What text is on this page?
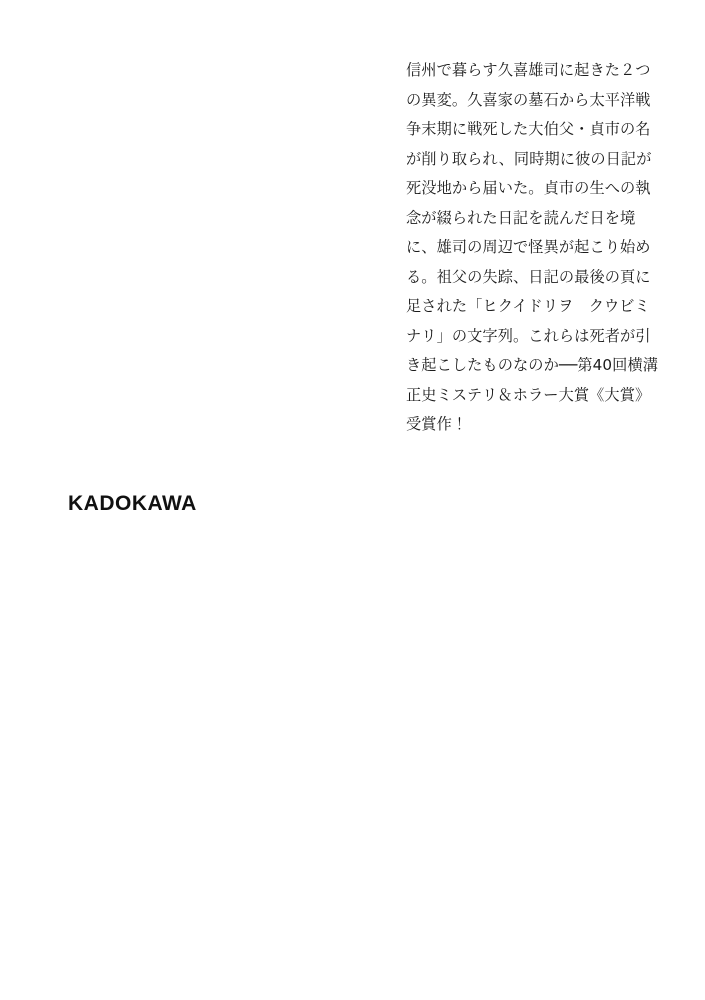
信州で暮らす久喜雄司に起きた２つの異変。久喜家の墓石から太平洋戦争末期に戦死した大伯父・貞市の名が削り取られ、同時期に彼の日記が死没地から届いた。貞市の生への執念が綴られた日記を読んだ日を境に、雄司の周辺で怪異が起こり始める。祖父の失踪、日記の最後の頁に足された「ヒクイドリヲ　クウビミ　ナリ」の文字列。これらは死者が引き起こしたものなのか──第40回横溝正史ミステリ＆ホラー大賞《大賞》受賞作！
KADOKAWA
